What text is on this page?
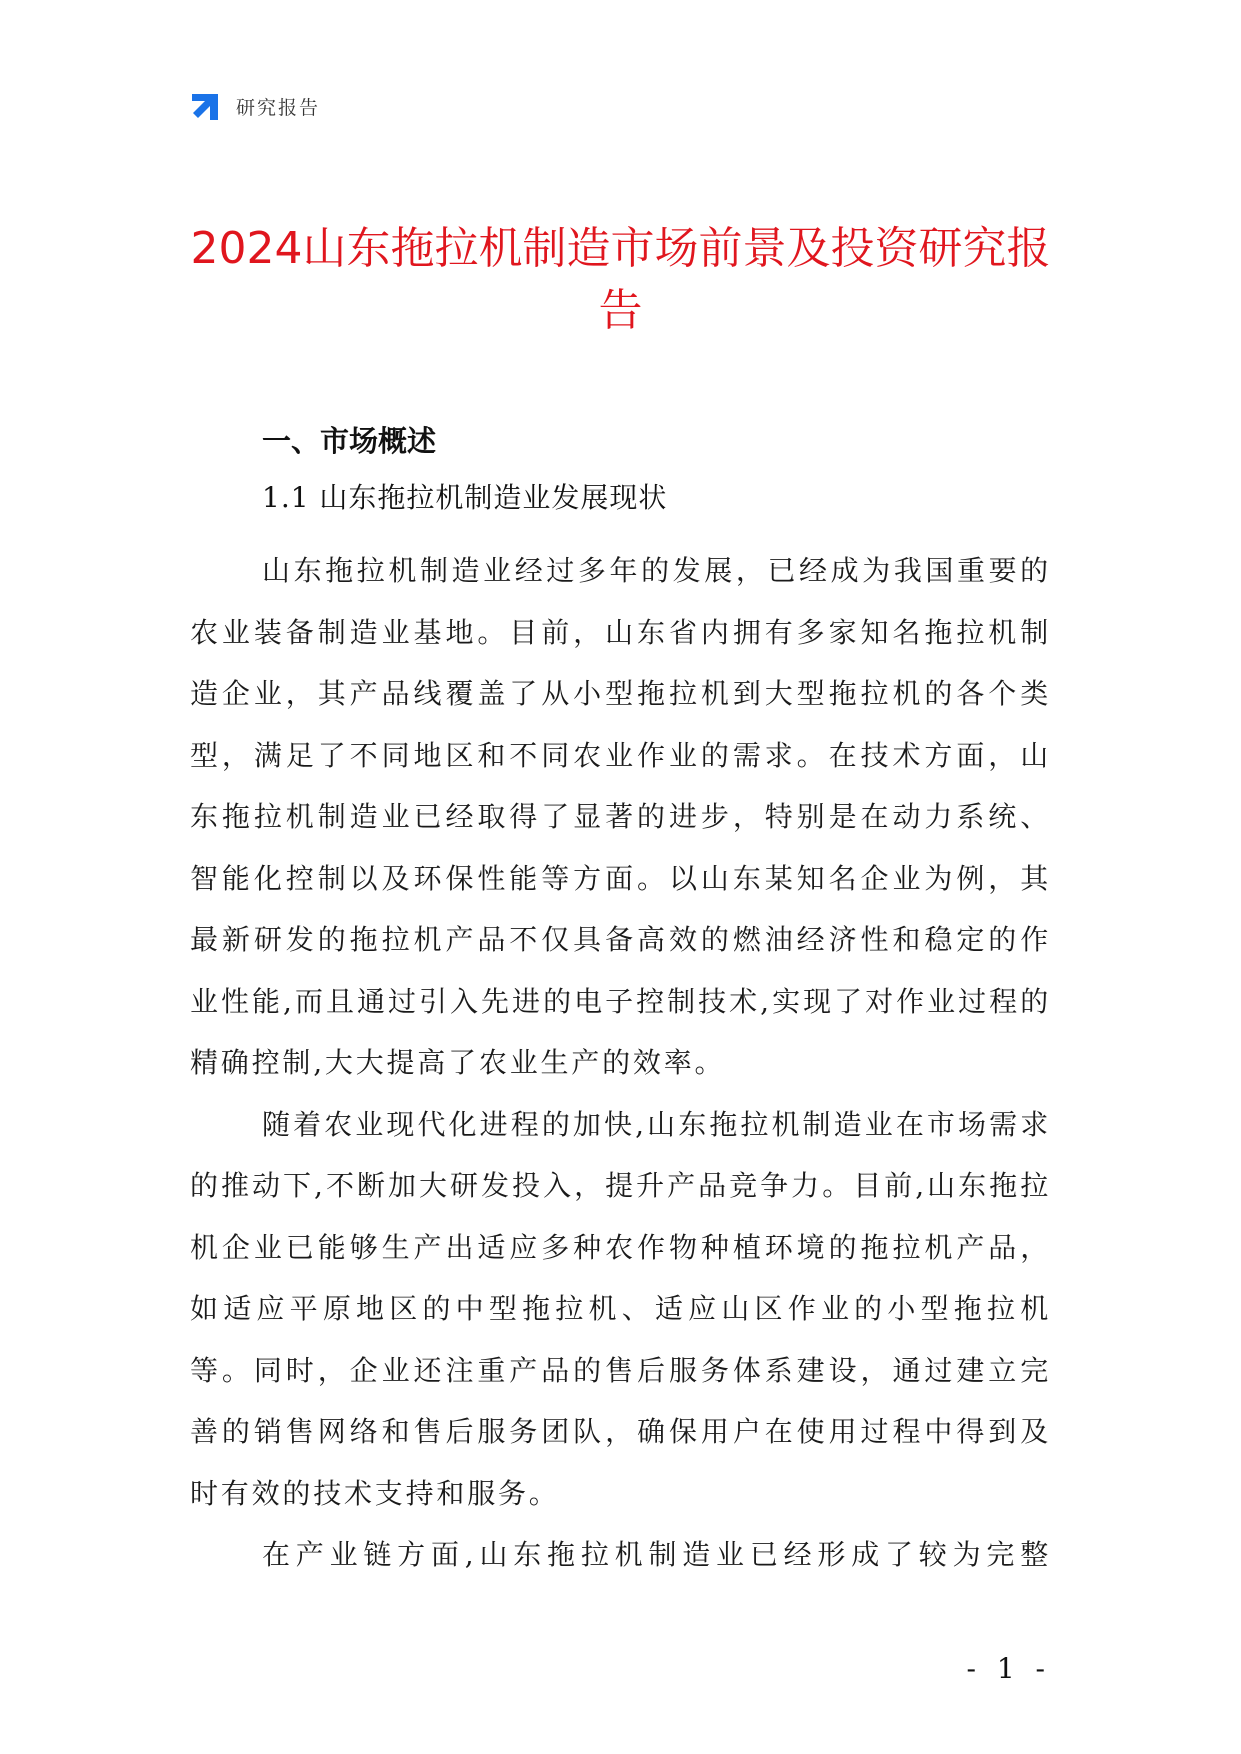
研究报告
2024山东拖拉机制造市场前景及投资研究报告
一、市场概述
1.1 山东拖拉机制造业发展现状

山东拖拉机制造业经过多年的发展，已经成为我国重要的农业装备制造业基地。目前，山东省内拥有多家知名拖拉机制造企业，其产品线覆盖了从小型拖拉机到大型拖拉机的各个类型，满足了不同地区和不同农业作业的需求。在技术方面，山东拖拉机制造业已经取得了显著的进步，特别是在动力系统、智能化控制以及环保性能等方面。以山东某知名企业为例，其最新研发的拖拉机产品不仅具备高效的燃油经济性和稳定的作业性能,而且通过引入先进的电子控制技术,实现了对作业过程的精确控制,大大提高了农业生产的效率。

随着农业现代化进程的加快,山东拖拉机制造业在市场需求的推动下,不断加大研发投入，提升产品竞争力。目前,山东拖拉机企业已能够生产出适应多种农作物种植环境的拖拉机产品，如适应平原地区的中型拖拉机、适应山区作业的小型拖拉机等。同时，企业还注重产品的售后服务体系建设，通过建立完善的销售网络和售后服务团队，确保用户在使用过程中得到及时有效的技术支持和服务。

在产业链方面,山东拖拉机制造业已经形成了较为完整

- 1 -
